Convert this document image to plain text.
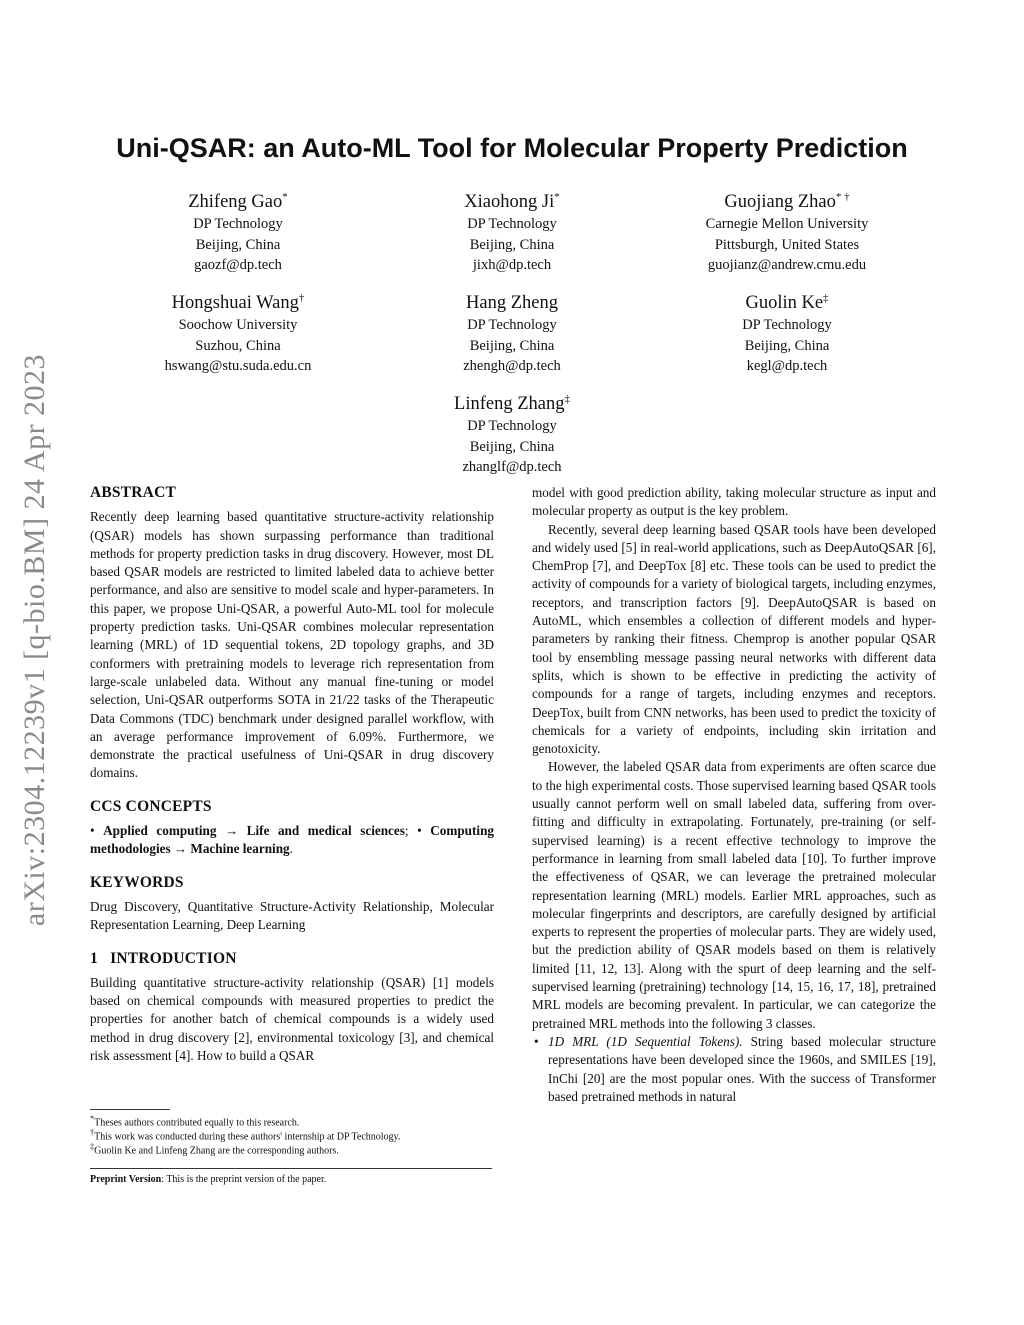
arXiv:2304.12239v1 [q-bio.BM] 24 Apr 2023
Uni-QSAR: an Auto-ML Tool for Molecular Property Prediction
Zhifeng Gao*
DP Technology
Beijing, China
gaozf@dp.tech
Xiaohong Ji*
DP Technology
Beijing, China
jixh@dp.tech
Guojiang Zhao* †
Carnegie Mellon University
Pittsburgh, United States
guojianz@andrew.cmu.edu
Hongshuai Wang†
Soochow University
Suzhou, China
hswang@stu.suda.edu.cn
Hang Zheng
DP Technology
Beijing, China
zhengh@dp.tech
Guolin Ke‡
DP Technology
Beijing, China
kegl@dp.tech
Linfeng Zhang‡
DP Technology
Beijing, China
zhanglf@dp.tech
ABSTRACT

Recently deep learning based quantitative structure-activity relationship (QSAR) models has shown surpassing performance than traditional methods for property prediction tasks in drug discovery. However, most DL based QSAR models are restricted to limited labeled data to achieve better performance, and also are sensitive to model scale and hyper-parameters. In this paper, we propose Uni-QSAR, a powerful Auto-ML tool for molecule property prediction tasks. Uni-QSAR combines molecular representation learning (MRL) of 1D sequential tokens, 2D topology graphs, and 3D conformers with pretraining models to leverage rich representation from large-scale unlabeled data. Without any manual fine-tuning or model selection, Uni-QSAR outperforms SOTA in 21/22 tasks of the Therapeutic Data Commons (TDC) benchmark under designed parallel workflow, with an average performance improvement of 6.09%. Furthermore, we demonstrate the practical usefulness of Uni-QSAR in drug discovery domains.

CCS CONCEPTS

• Applied computing → Life and medical sciences; • Computing methodologies → Machine learning.

KEYWORDS

Drug Discovery, Quantitative Structure-Activity Relationship, Molecular Representation Learning, Deep Learning

1   INTRODUCTION

Building quantitative structure-activity relationship (QSAR) [1] models based on chemical compounds with measured properties to predict the properties for another batch of chemical compounds is a widely used method in drug discovery [2], environmental toxicology [3], and chemical risk assessment [4]. How to build a QSAR

*Theses authors contributed equally to this research.
†This work was conducted during these authors' internship at DP Technology.
‡Guolin Ke and Linfeng Zhang are the corresponding authors.
Preprint Version: This is the preprint version of the paper.

model with good prediction ability, taking molecular structure as input and molecular property as output is the key problem.

Recently, several deep learning based QSAR tools have been developed and widely used [5] in real-world applications, such as DeepAutoQSAR [6], ChemProp [7], and DeepTox [8] etc. These tools can be used to predict the activity of compounds for a variety of biological targets, including enzymes, receptors, and transcription factors [9]. DeepAutoQSAR is based on AutoML, which ensembles a collection of different models and hyper-parameters by ranking their fitness. Chemprop is another popular QSAR tool by ensembling message passing neural networks with different data splits, which is shown to be effective in predicting the activity of compounds for a range of targets, including enzymes and receptors. DeepTox, built from CNN networks, has been used to predict the toxicity of chemicals for a variety of endpoints, including skin irritation and genotoxicity.

However, the labeled QSAR data from experiments are often scarce due to the high experimental costs. Those supervised learning based QSAR tools usually cannot perform well on small labeled data, suffering from over-fitting and difficulty in extrapolating. Fortunately, pre-training (or self-supervised learning) is a recent effective technology to improve the performance in learning from small labeled data [10]. To further improve the effectiveness of QSAR, we can leverage the pretrained molecular representation learning (MRL) models. Earlier MRL approaches, such as molecular fingerprints and descriptors, are carefully designed by artificial experts to represent the properties of molecular parts. They are widely used, but the prediction ability of QSAR models based on them is relatively limited [11, 12, 13]. Along with the spurt of deep learning and the self-supervised learning (pretraining) technology [14, 15, 16, 17, 18], pretrained MRL models are becoming prevalent. In particular, we can categorize the pretrained MRL methods into the following 3 classes.

• 1D MRL (1D Sequential Tokens). String based molecular structure representations have been developed since the 1960s, and SMILES [19], InChi [20] are the most popular ones. With the success of Transformer based pretrained methods in natural
